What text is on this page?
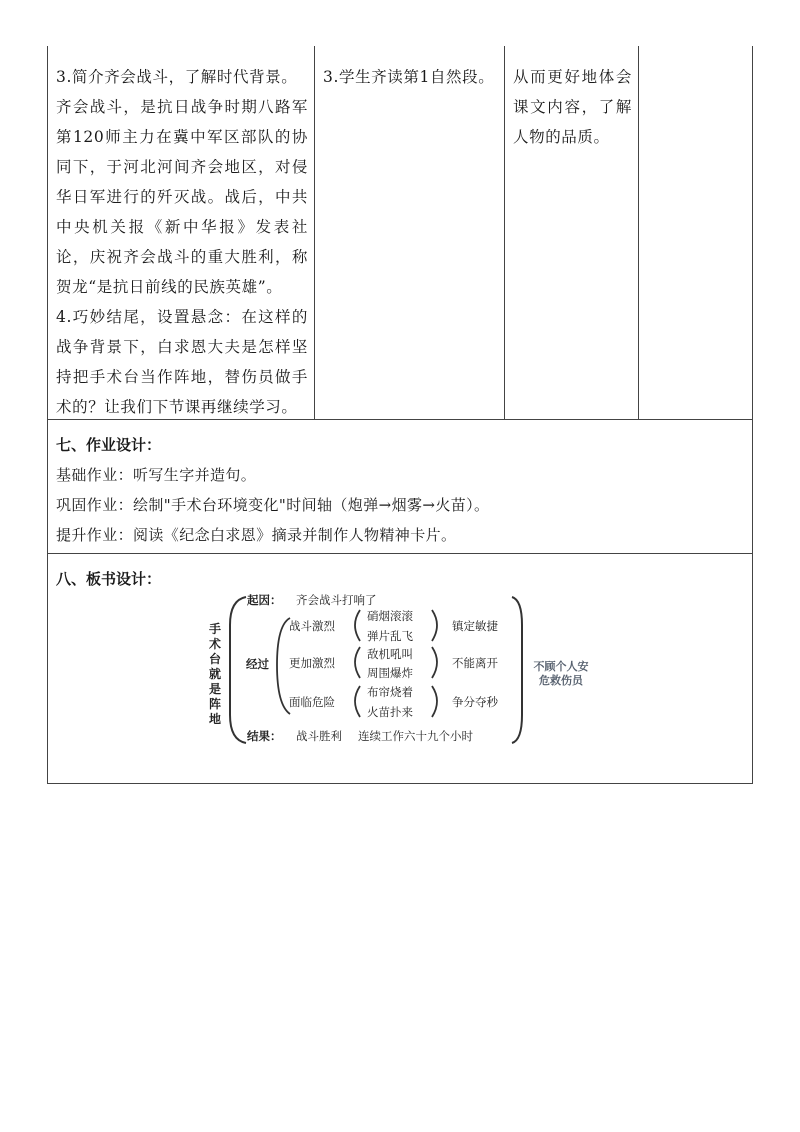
3.简介齐会战斗，了解时代背景。

齐会战斗，是抗日战争时期八路军第120师主力在冀中军区部队的协同下，于河北河间齐会地区，对侵华日军进行的歼灭战。战后，中共中央机关报《新中华报》发表社论，庆祝齐会战斗的重大胜利，称贺龙“是抗日前线的民族英雄”。

4.巧妙结尾，设置悬念：在这样的战争背景下，白求恩大夫是怎样坚持把手术台当作阵地，替伤员做手术的？让我们下节课再继续学习。

3.学生齐读第1自然段。 从而更好地体会课文内容，了解人物的品质。

七、作业设计：
基础作业：听写生字并造句。
巩固作业：绘制"手术台环境变化"时间轴（炮弹→烟雾→火苗）。
提升作业：阅读《纪念白求恩》摘录并制作人物精神卡片。
八、板书设计：
手术台就是阵地
起因： 齐会战斗打响了
经过
战斗激烈
硝烟滚滚
弹片乱飞
镇定敏捷
更加激烈
敌机吼叫
周围爆炸
不能离开
面临危险
布帘烧着
火苗扑来
争分夺秒
结果： 战斗胜利 连续工作六十九个小时
不顾个人安危救伤员
